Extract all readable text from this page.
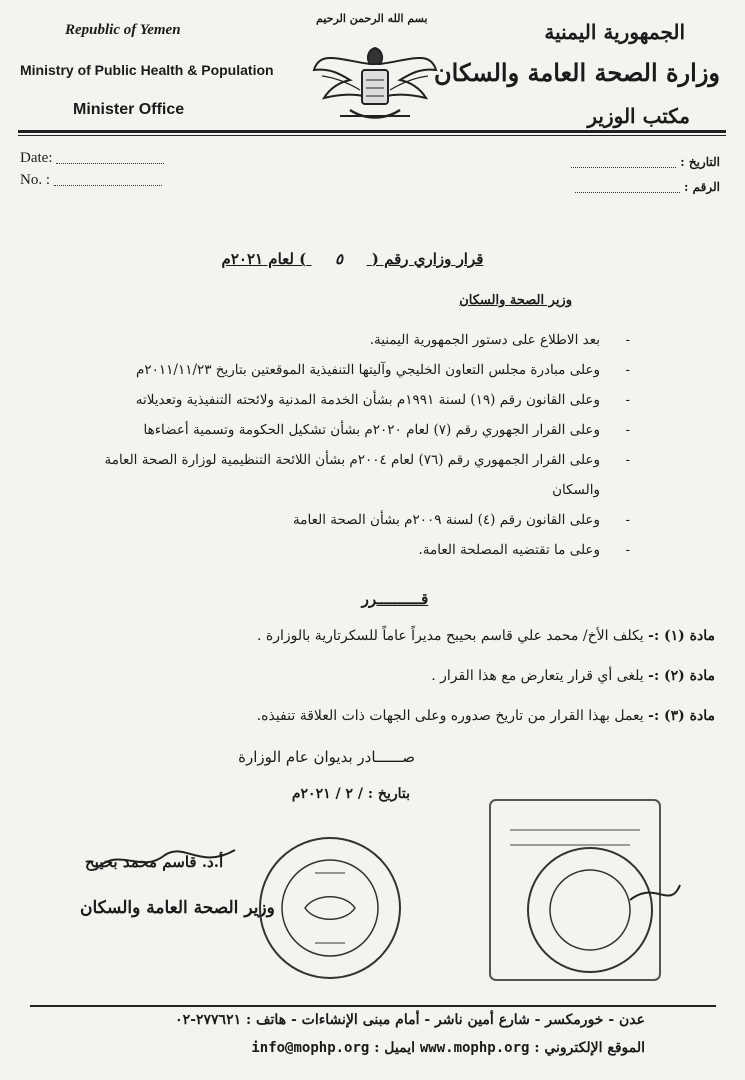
Republic of Yemen
Ministry of Public Health & Population
Minister Office
بسم الله الرحمن الرحيم
الجمهورية اليمنية
وزارة الصحة العامة والسكان
مكتب الوزير
Date:
No. :
التاريخ :
الرقم :
قرار وزاري رقم ( ٥ ) لعام ٢٠٢١م
وزير الصحة والسكان
-
بعد الاطلاع على دستور الجمهورية اليمنية.
-
وعلى مبادرة مجلس التعاون الخليجي وآليتها التنفيذية الموقعتين بتاريخ ٢٠١١/١١/٢٣م
-
وعلى القانون رقم (١٩) لسنة ١٩٩١م بشأن الخدمة المدنية ولائحته التنفيذية وتعديلاته
-
وعلى القرار الجهوري رقم (٧) لعام ٢٠٢٠م بشأن تشكيل الحكومة وتسمية أعضاءها
-
وعلى القرار الجمهوري رقم (٧٦) لعام ٢٠٠٤م بشأن اللائحة التنظيمية لوزارة الصحة العامة والسكان
-
وعلى القانون رقم (٤) لسنة ٢٠٠٩م بشأن الصحة العامة
-
وعلى ما تقتضيه المصلحة العامة.
قــــــــــرر
مادة (١) :- يكلف الأخ/ محمد علي قاسم بحيبح مديراً عاماً للسكرتارية بالوزارة .
مادة (٢) :- يلغى أي قرار يتعارض مع هذا القرار .
مادة (٣) :- يعمل بهذا القرار من تاريخ صدوره وعلى الجهات ذات العلاقة تنفيذه.
صــــــادر بديوان عام الوزارة
بتاريخ : / ٢ / ٢٠٢١م
أ.د. قاسم محمد بحيبح
وزير الصحة العامة والسكان
عدن - خورمكسر - شارع أمين ناشر - أمام مبنى الإنشاءات - هاتف : ٢٧٧٦٢١-٠٢
الموقع الإلكتروني : www.mophp.org ايميل : info@mophp.org
